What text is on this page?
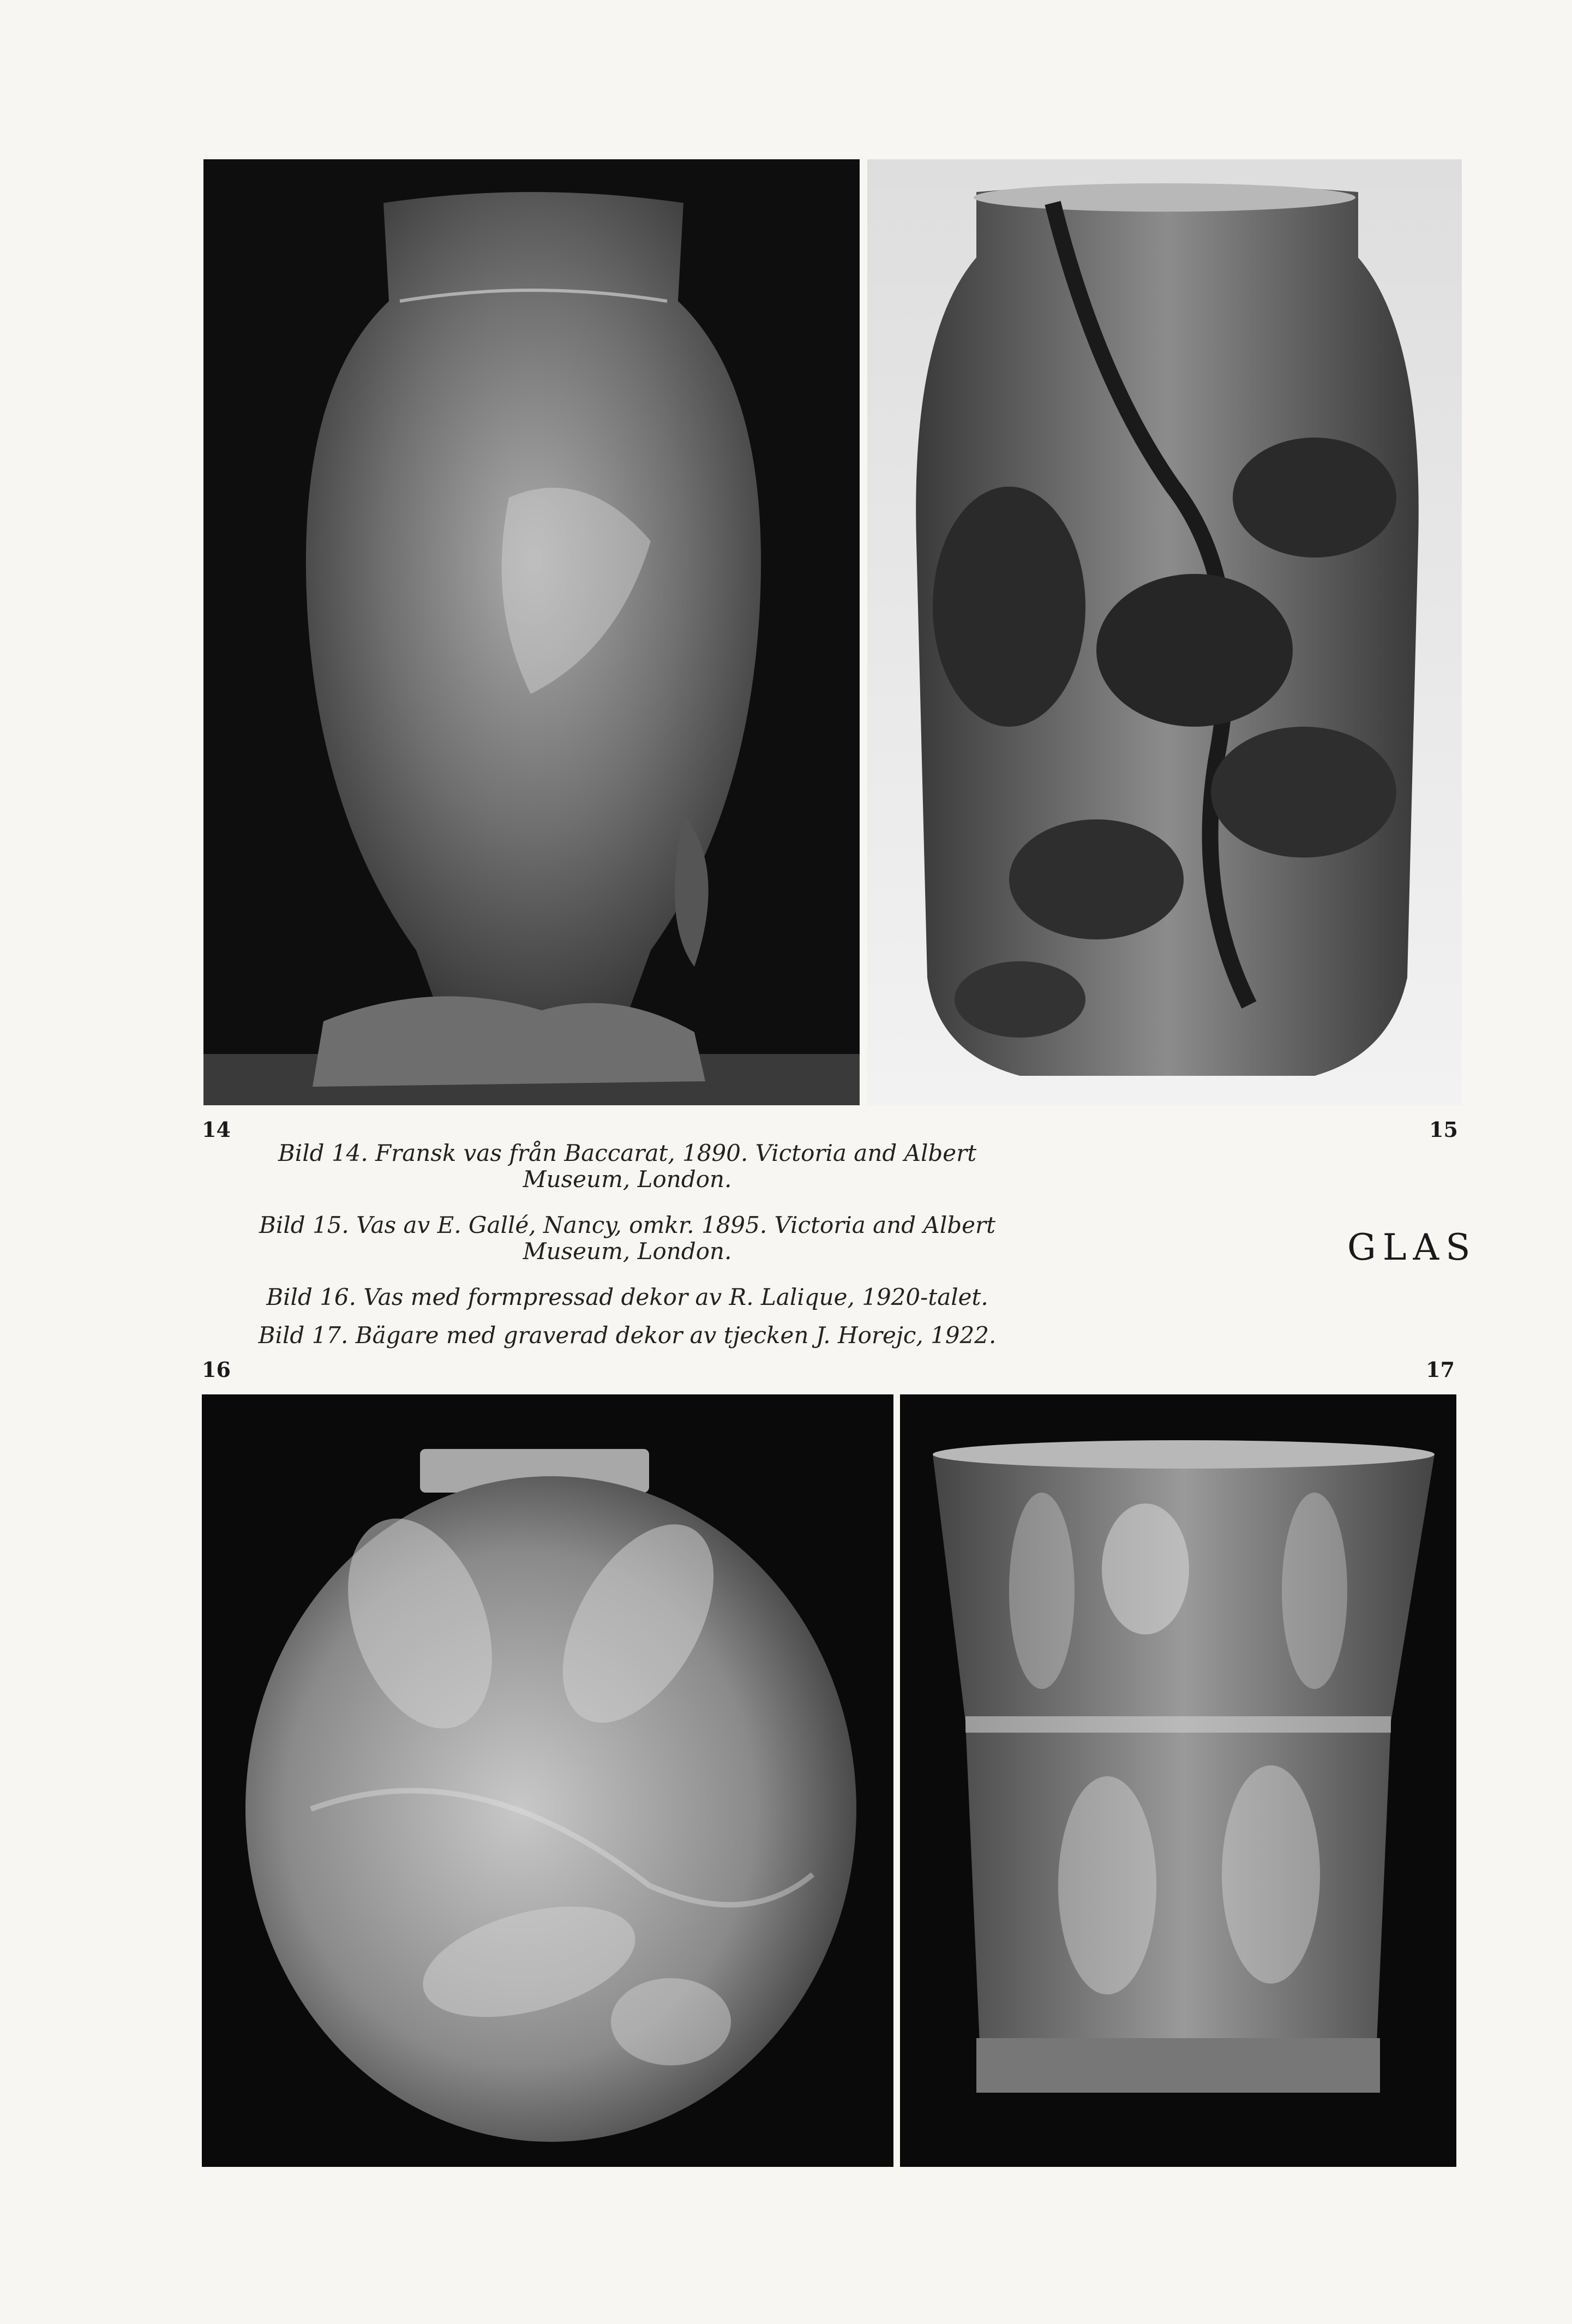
14	15
16	17

Bild 14. Fransk vas från Baccarat, 1890. Victoria and Albert Museum, London.

Bild 15. Vas av E. Gallé, Nancy, omkr. 1895. Victoria and Albert Museum, London.

Bild 16. Vas med formpressad dekor av R. Lalique, 1920-talet.

Bild 17. Bägare med graverad dekor av tjecken J. Horejc, 1922.

GLAS
